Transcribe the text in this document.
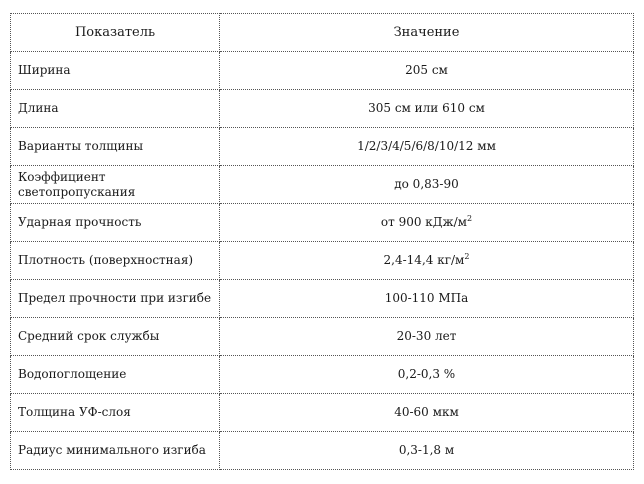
Показатель	Значение
Ширина	205 см
Длина	305 см или 610 см
Варианты толщины	1/2/3/4/5/6/8/10/12 мм
Коэффициент светопропускания	до 0,83-90
Ударная прочность	от 900 кДж/$м^2$
Плотность (поверхностная)	2,4-14,4 $кг/м^2$
Предел прочности при изгибе	100-110 МПа
Средний срок службы	20-30 лет
Водопоглощение	0,2-0,3 %
Толщина УФ-слоя	40-60 мкм
Радиус минимального изгиба	0,3-1,8 м
